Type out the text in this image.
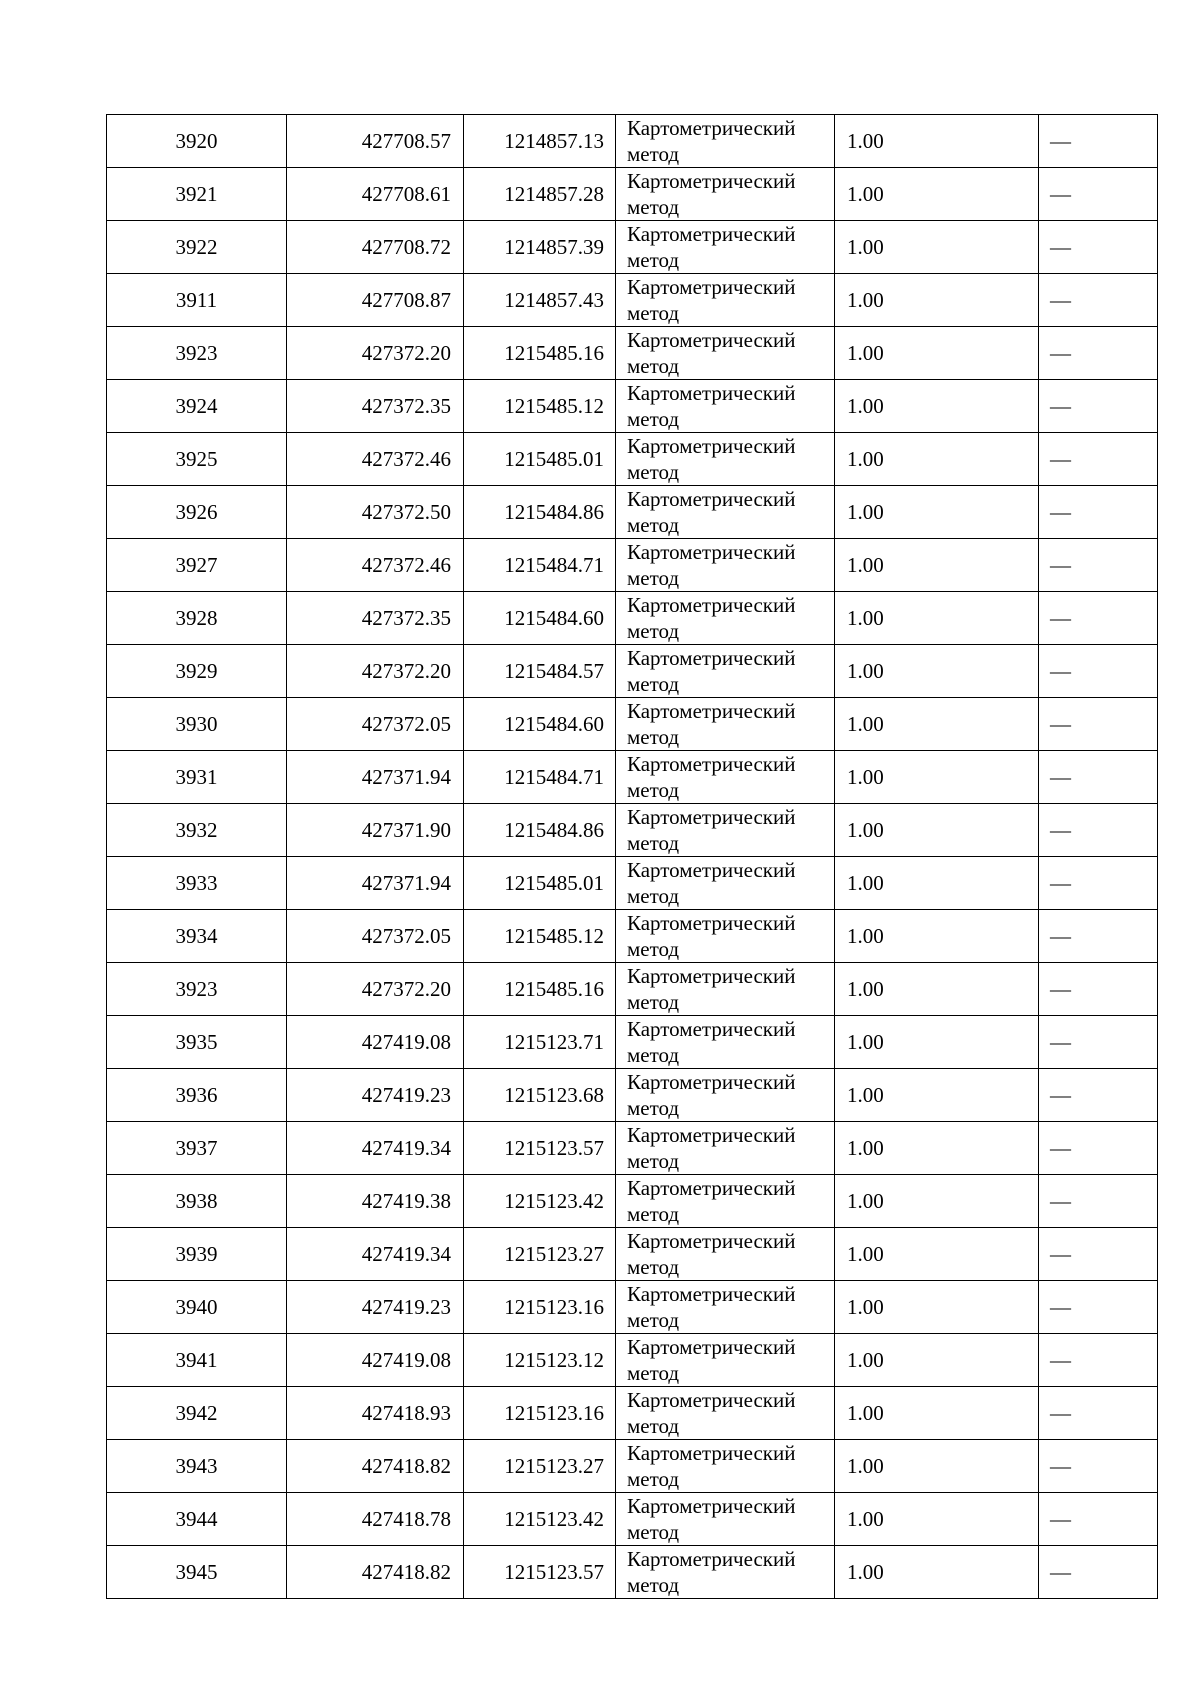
3920	427708.57	1214857.13	Картометрический метод	1.00	—
3921	427708.61	1214857.28	Картометрический метод	1.00	—
3922	427708.72	1214857.39	Картометрический метод	1.00	—
3911	427708.87	1214857.43	Картометрический метод	1.00	—
3923	427372.20	1215485.16	Картометрический метод	1.00	—
3924	427372.35	1215485.12	Картометрический метод	1.00	—
3925	427372.46	1215485.01	Картометрический метод	1.00	—
3926	427372.50	1215484.86	Картометрический метод	1.00	—
3927	427372.46	1215484.71	Картометрический метод	1.00	—
3928	427372.35	1215484.60	Картометрический метод	1.00	—
3929	427372.20	1215484.57	Картометрический метод	1.00	—
3930	427372.05	1215484.60	Картометрический метод	1.00	—
3931	427371.94	1215484.71	Картометрический метод	1.00	—
3932	427371.90	1215484.86	Картометрический метод	1.00	—
3933	427371.94	1215485.01	Картометрический метод	1.00	—
3934	427372.05	1215485.12	Картометрический метод	1.00	—
3923	427372.20	1215485.16	Картометрический метод	1.00	—
3935	427419.08	1215123.71	Картометрический метод	1.00	—
3936	427419.23	1215123.68	Картометрический метод	1.00	—
3937	427419.34	1215123.57	Картометрический метод	1.00	—
3938	427419.38	1215123.42	Картометрический метод	1.00	—
3939	427419.34	1215123.27	Картометрический метод	1.00	—
3940	427419.23	1215123.16	Картометрический метод	1.00	—
3941	427419.08	1215123.12	Картометрический метод	1.00	—
3942	427418.93	1215123.16	Картометрический метод	1.00	—
3943	427418.82	1215123.27	Картометрический метод	1.00	—
3944	427418.78	1215123.42	Картометрический метод	1.00	—
3945	427418.82	1215123.57	Картометрический метод	1.00	—
